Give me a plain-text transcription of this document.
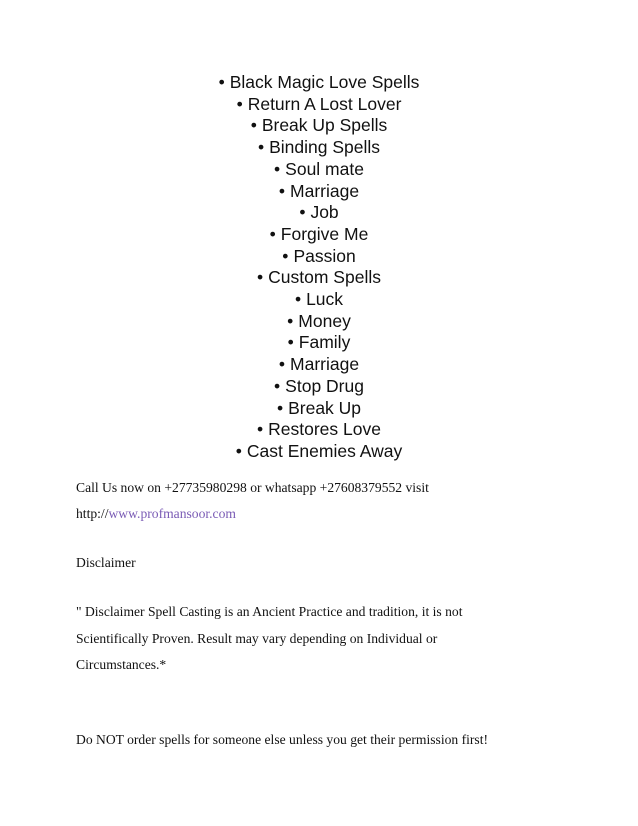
• Black Magic Love Spells
• Return A Lost Lover
• Break Up Spells
• Binding Spells
• Soul mate
• Marriage
• Job
• Forgive Me
• Passion
• Custom Spells
• Luck
• Money
• Family
• Marriage
• Stop Drug
• Break Up
• Restores Love
• Cast Enemies Away

Call Us now on +27735980298 or whatsapp +27608379552 visit

http://www.profmansoor.com

Disclaimer

" Disclaimer Spell Casting is an Ancient Practice and tradition, it is not

Scientifically Proven. Result may vary depending on Individual or

Circumstances.*

Do NOT order spells for someone else unless you get their permission first!
